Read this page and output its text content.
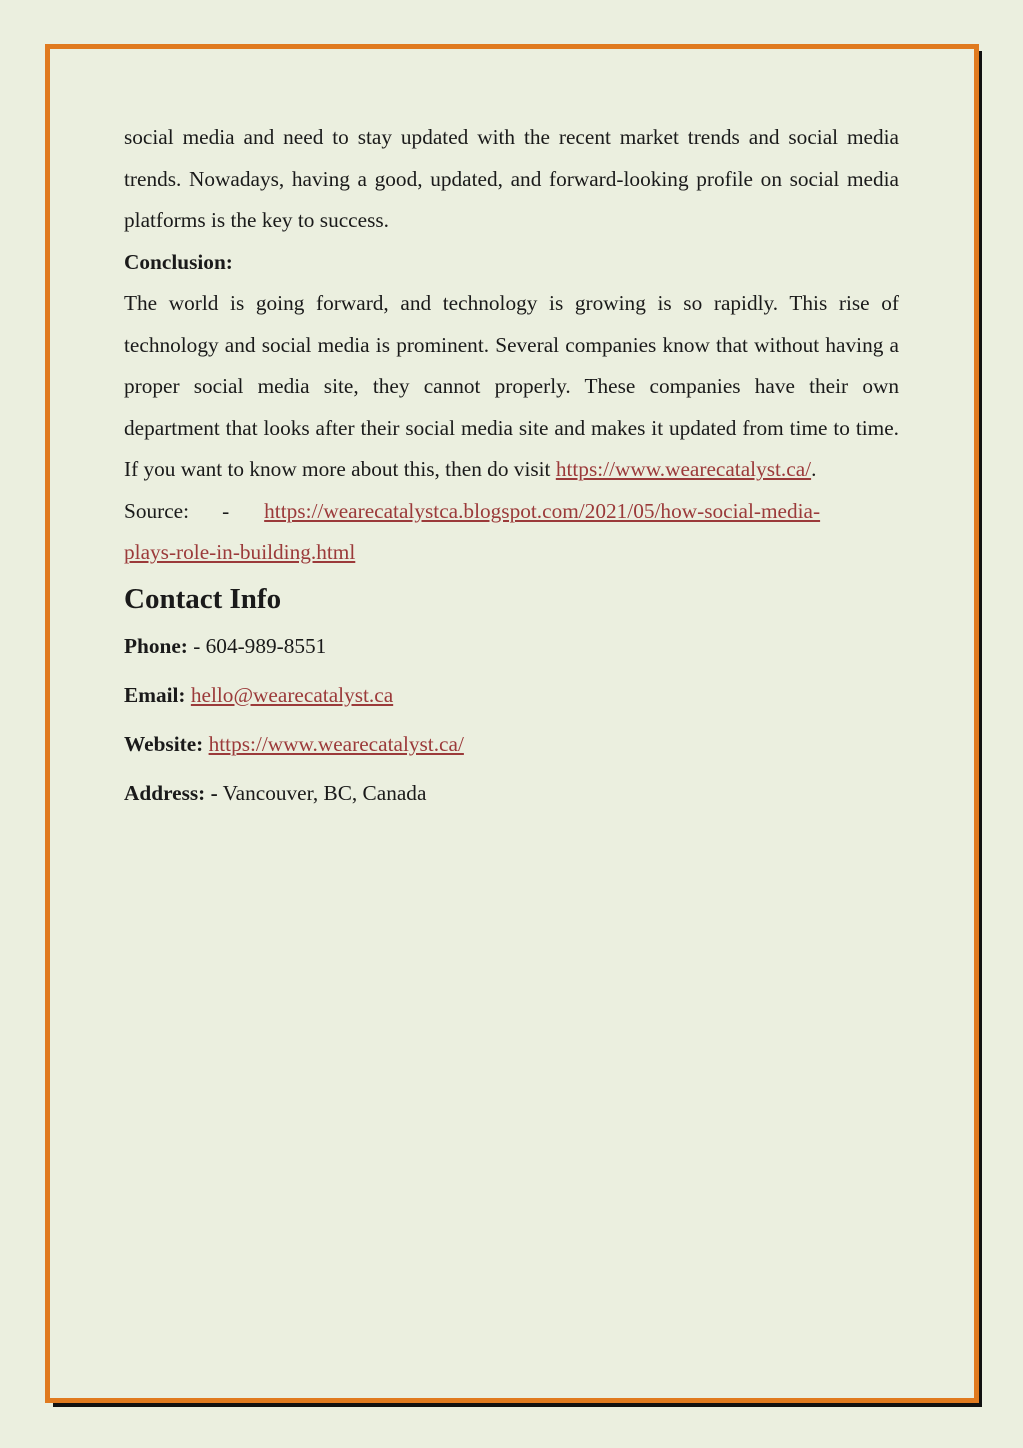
social media and need to stay updated with the recent market trends and social media trends. Nowadays, having a good, updated, and forward-looking profile on social media platforms is the key to success.

Conclusion:

The world is going forward, and technology is growing is so rapidly. This rise of technology and social media is prominent. Several companies know that without having a proper social media site, they cannot properly. These companies have their own department that looks after their social media site and makes it updated from time to time. If you want to know more about this, then do visit https://www.wearecatalyst.ca/.

Source: - https://wearecatalystca.blogspot.com/2021/05/how-social-media-

plays-role-in-building.html

Contact Info

Phone: - 604-989-8551

Email: hello@wearecatalyst.ca

Website: https://www.wearecatalyst.ca/

Address: - Vancouver, BC, Canada
